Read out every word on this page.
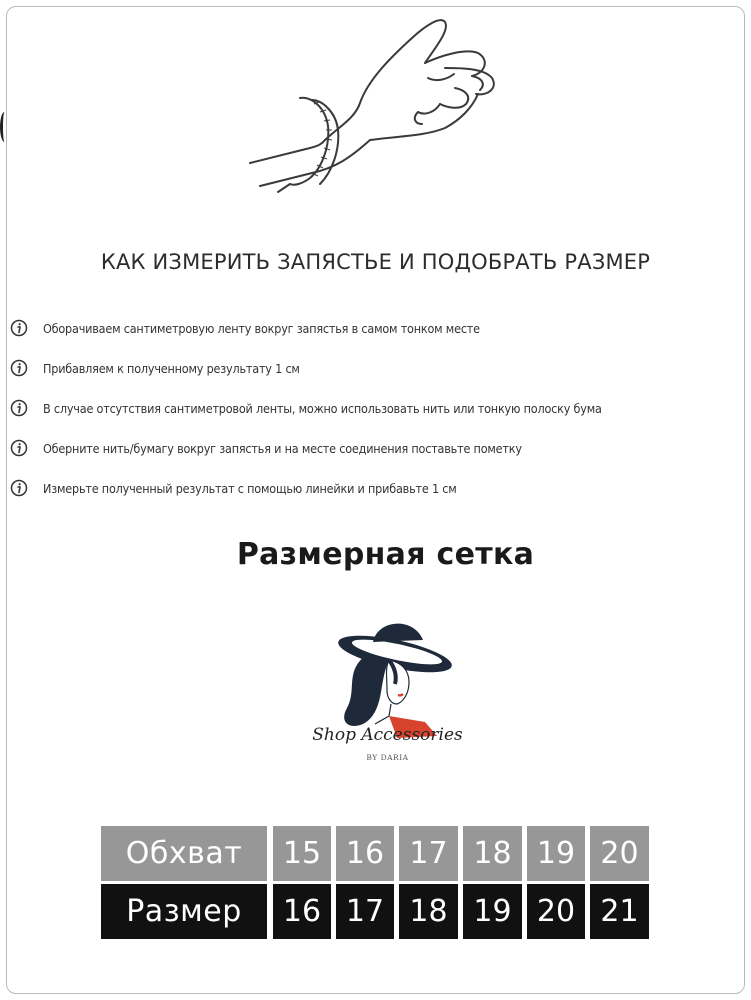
КАК ИЗМЕРИТЬ ЗАПЯСТЬЕ И ПОДОБРАТЬ РАЗМЕР
Оборачиваем сантиметровую ленту вокруг запястья в самом тонком месте
Прибавляем к полученному результату 1 см
В случае отсутствия сантиметровой ленты, можно использовать нить или тонкую полоску бума
Оберните нить/бумагу вокруг запястья и на месте соединения поставьте пометку
Измерьте полученный результат с помощью линейки и прибавьте 1 см
Размерная сетка
Shop Accessories
BY DARIA
Обхват	15 16 17 18 19 20
Размер	16 17 18 19 20 21
